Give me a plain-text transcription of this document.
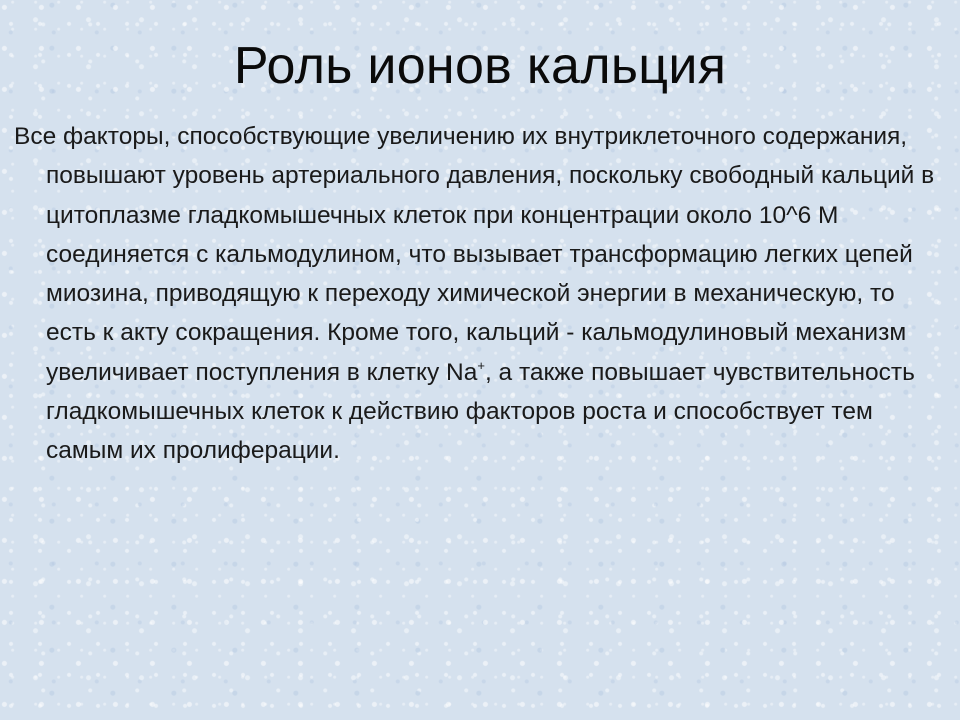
Роль ионов кальция

Все факторы, способствующие увеличению их внутриклеточного содержания, повышают уровень артериального давления, поскольку свободный кальций в цитоплазме гладкомышечных клеток при концентрации около 10^6 М соединяется с кальмодулином, что вызывает трансформацию легких цепей миозина, приводящую к переходу химической энергии в механическую, то есть к акту сокращения. Кроме того, кальций - кальмодулиновый механизм увеличивает поступления в клетку Na+, а также повышает чувствительность гладкомышечных клеток к действию факторов роста и способствует тем самым их пролиферации.
